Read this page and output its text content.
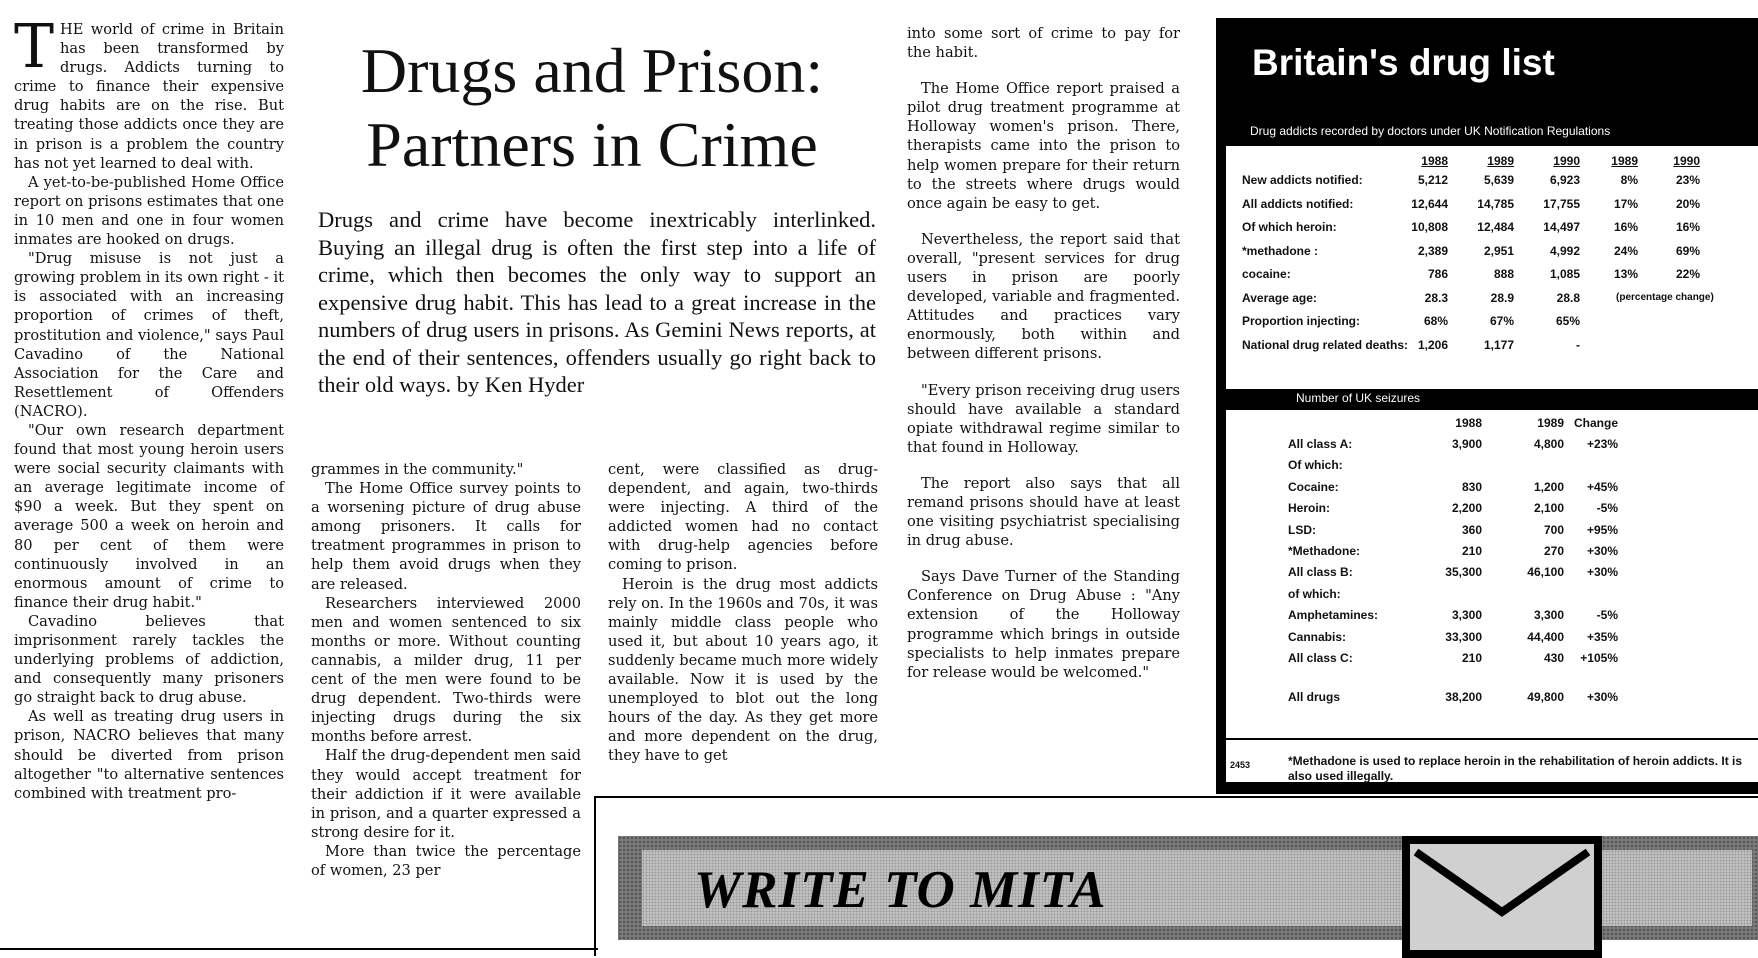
T HE world of crime in Britain has been transformed by drugs. Addicts turning to crime to finance their expensive drug habits are on the rise. But treating those addicts once they are in prison is a problem the country has not yet learned to deal with.

A yet-to-be-published Home Office report on prisons estimates that one in 10 men and one in four women inmates are hooked on drugs.

"Drug misuse is not just a growing problem in its own right - it is associated with an increasing proportion of crimes of theft, prostitution and violence," says Paul Cavadino of the National Association for the Care and Resettlement of Offenders (NACRO).

"Our own research department found that most young heroin users were social security claimants with an average legitimate income of $90 a week. But they spent on average 500 a week on heroin and 80 per cent of them were continuously involved in an enormous amount of crime to finance their drug habit."

Cavadino believes that imprisonment rarely tackles the underlying problems of addiction, and consequently many prisoners go straight back to drug abuse.

As well as treating drug users in prison, NACRO believes that many should be diverted from prison altogether "to alternative sentences combined with treatment pro-

Drugs and Prison:
Partners in Crime
Drugs and crime have become inextricably interlinked. Buying an illegal drug is often the first step into a life of crime, which then becomes the only way to support an expensive drug habit. This has lead to a great increase in the numbers of drug users in prisons. As Gemini News reports, at the end of their sentences, offenders usually go right back to their old ways. by Ken Hyder

grammes in the community."

The Home Office survey points to a worsening picture of drug abuse among prisoners. It calls for treatment programmes in prison to help them avoid drugs when they are released.

Researchers interviewed 2000 men and women sentenced to six months or more. Without counting cannabis, a milder drug, 11 per cent of the men were found to be drug dependent. Two-thirds were injecting drugs during the six months before arrest.

Half the drug-dependent men said they would accept treatment for their addiction if it were available in prison, and a quarter expressed a strong desire for it.

More than twice the percentage of women, 23 per

cent, were classified as drug-dependent, and again, two-thirds were injecting. A third of the addicted women had no contact with drug-help agencies before coming to prison.

Heroin is the drug most addicts rely on. In the 1960s and 70s, it was mainly middle class people who used it, but about 10 years ago, it suddenly became much more widely available. Now it is used by the unemployed to blot out the long hours of the day. As they get more and more dependent on the drug, they have to get

into some sort of crime to pay for the habit.

The Home Office report praised a pilot drug treatment programme at Holloway women's prison. There, therapists came into the prison to help women prepare for their return to the streets where drugs would once again be easy to get.

Nevertheless, the report said that overall, "present services for drug users in prison are poorly developed, variable and fragmented. Attitudes and practices vary enormously, both within and between different prisons.

"Every prison receiving drug users should have available a standard opiate withdrawal regime similar to that found in Holloway.

The report also says that all remand prisons should have at least one visiting psychiatrist specialising in drug abuse.

Says Dave Turner of the Standing Conference on Drug Abuse : "Any extension of the Holloway programme which brings in outside specialists to help inmates prepare for release would be welcomed."

Britain's drug list
Drug addicts recorded by doctors under UK Notification Regulations
1988	1989	1990	1989	1990
New addicts notified:	5,212	5,639	6,923	8%	23%
All addicts notified:	12,644	14,785	17,755	17%	20%
Of which heroin:	10,808	12,484	14,497	16%	16%
*methadone :	2,389	2,951	4,992	24%	69%
cocaine:	786	888	1,085	13%	22%
Average age:	28.3	28.9	28.8	(percentage change)
Proportion injecting:	68%	67%	65%
National drug related deaths: 1,206	1,177	-
Number of UK seizures
1988	1989 Change
All class A:	3,900	4,800	+23%
Of which:
Cocaine:	830	1,200	+45%
Heroin:	2,200	2,100	-5%
LSD:	360	700	+95%
*Methadone:	210	270	+30%
All class B:	35,300	46,100	+30%
of which:
Amphetamines:	3,300	3,300	-5%
Cannabis:	33,300	44,400	+35%
All class C:	210	430	+105%
All drugs	38,200	49,800	+30%
2453	*Methadone is used to replace heroin in the rehabilitation of heroin addicts. It is also used illegally.
WRITE TO MITA
